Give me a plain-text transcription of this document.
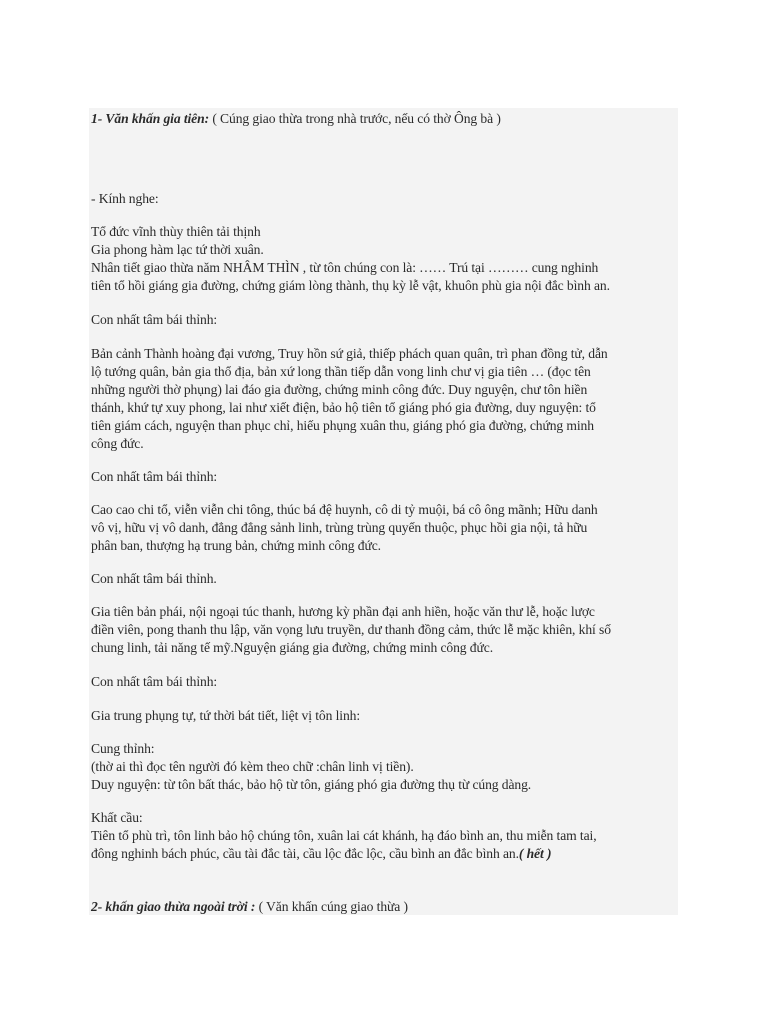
1- Văn khấn gia tiên: ( Cúng giao thừa trong nhà trước, nếu có thờ Ông bà )
- Kính nghe:
Tổ đức vĩnh thùy thiên tải thịnh
Gia phong hàm lạc tứ thời xuân.
Nhân tiết giao thừa năm NHÂM THÌN , từ tôn chúng con là: …… Trú tại ……… cung nghinh
tiên tổ hồi giáng gia đường, chứng giám lòng thành, thụ kỳ lễ vật, khuôn phù gia nội đắc bình an.
Con nhất tâm bái thỉnh:
Bản cảnh Thành hoàng đại vương, Truy hồn sứ giả, thiếp phách quan quân, trì phan đồng tử, dẫn
lộ tướng quân, bản gia thổ địa, bản xứ long thần tiếp dẫn vong linh chư vị gia tiên … (đọc tên
những người thờ phụng) lai đáo gia đường, chứng minh công đức. Duy nguyện, chư tôn hiền
thánh, khứ tự xuy phong, lai như xiết điện, bảo hộ tiên tổ giáng phó gia đường, duy nguyện: tổ
tiên giám cách, nguyện than phục chỉ, hiếu phụng xuân thu, giáng phó gia đường, chứng minh
công đức.
Con nhất tâm bái thỉnh:
Cao cao chi tổ, viễn viễn chi tông, thúc bá đệ huynh, cô di tỷ muội, bá cô ông mãnh; Hữu danh
vô vị, hữu vị vô danh, đẳng đẳng sảnh linh, trùng trùng quyến thuộc, phục hồi gia nội, tả hữu
phân ban, thượng hạ trung bản, chứng minh công đức.
Con nhất tâm bái thỉnh.
Gia tiên bản phái, nội ngoại túc thanh, hương kỳ phần đại anh hiền, hoặc văn thư lễ, hoặc lược
điền viên, pong thanh thu lập, văn vọng lưu truyền, dư thanh đồng cảm, thức lễ mặc khiên, khí số
chung linh, tải năng tế mỹ.Nguyện giáng gia đường, chứng minh công đức.
Con nhất tâm bái thỉnh:
Gia trung phụng tự, tứ thời bát tiết, liệt vị tôn linh:
Cung thỉnh:
(thờ ai thì đọc tên người đó kèm theo chữ :chân linh vị tiền).
Duy nguyện: từ tôn bất thác, bảo hộ từ tôn, giáng phó gia đường thụ từ cúng dàng.
Khất cầu:
Tiên tổ phù trì, tôn linh bảo hộ chúng tôn, xuân lai cát khánh, hạ đáo bình an, thu miễn tam tai,
đông nghinh bách phúc, cầu tài đắc tài, cầu lộc đắc lộc, cầu bình an đắc bình an.( hết )
2- khấn giao thừa ngoài trời : ( Văn khấn cúng giao thừa )
